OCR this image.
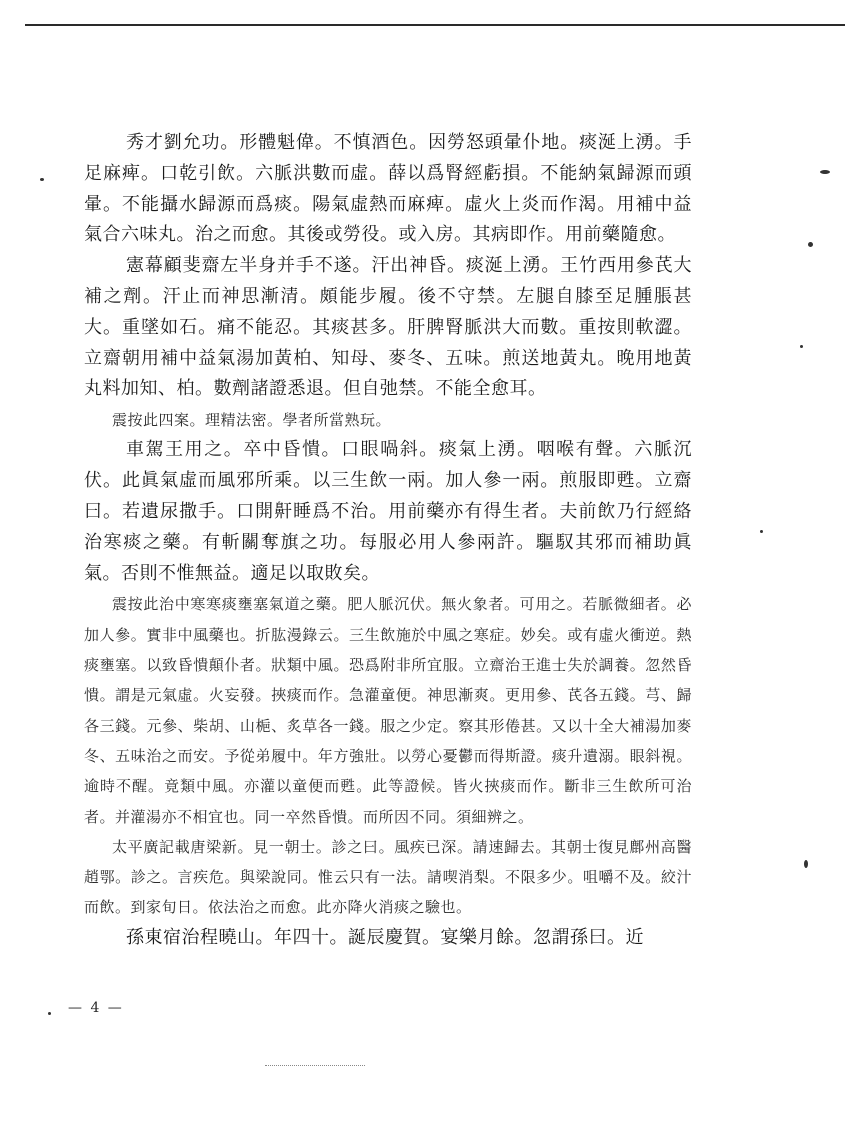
秀才劉允功。形體魁偉。不慎酒色。因勞怒頭暈仆地。痰涎上湧。手足麻痺。口乾引飲。六脈洪數而虛。薛以爲腎經虧損。不能納氣歸源而頭暈。不能攝水歸源而爲痰。陽氣虛熱而麻痺。虛火上炎而作渴。用補中益氣合六味丸。治之而愈。其後或勞役。或入房。其病即作。用前藥隨愈。

憲幕顧斐齋左半身并手不遂。汗出神昏。痰涎上湧。王竹西用參芪大補之劑。汗止而神思漸清。頗能步履。後不守禁。左腿自膝至足腫脹甚大。重墜如石。痛不能忍。其痰甚多。肝脾腎脈洪大而數。重按則軟澀。立齋朝用補中益氣湯加黃柏、知母、麥冬、五味。煎送地黃丸。晚用地黃丸料加知、柏。數劑諸證悉退。但自弛禁。不能全愈耳。

震按此四案。理精法密。學者所當熟玩。

車駕王用之。卒中昏憒。口眼喎斜。痰氣上湧。咽喉有聲。六脈沉伏。此眞氣虛而風邪所乘。以三生飲一兩。加人參一兩。煎服即甦。立齋曰。若遺尿撒手。口開鼾睡爲不治。用前藥亦有得生者。夫前飲乃行經絡治寒痰之藥。有斬關奪旗之功。每服必用人參兩許。驅馭其邪而補助眞氣。否則不惟無益。適足以取敗矣。

震按此治中寒寒痰壅塞氣道之藥。肥人脈沉伏。無火象者。可用之。若脈微細者。必加人參。實非中風藥也。折肱漫錄云。三生飲施於中風之寒症。妙矣。或有虛火衝逆。熱痰壅塞。以致昏憒顛仆者。狀類中風。恐爲附非所宜服。立齋治王進士失於調養。忽然昏憒。謂是元氣虛。火妄發。挾痰而作。急灌童便。神思漸爽。更用參、芪各五錢。芎、歸各三錢。元參、柴胡、山梔、炙草各一錢。服之少定。察其形倦甚。又以十全大補湯加麥冬、五味治之而安。予從弟履中。年方強壯。以勞心憂鬱而得斯證。痰升遺溺。眼斜視。逾時不醒。竟類中風。亦灌以童便而甦。此等證候。皆火挾痰而作。斷非三生飲所可治者。并灌湯亦不相宜也。同一卒然昏憒。而所因不同。須細辨之。

太平廣記載唐梁新。見一朝士。診之曰。風疾已深。請速歸去。其朝士復見鄜州高醫趙鄂。診之。言疾危。與梁說同。惟云只有一法。請喫消梨。不限多少。咀嚼不及。絞汁而飲。到家旬日。依法治之而愈。此亦降火消痰之驗也。

孫東宿治程曉山。年四十。誕辰慶賀。宴樂月餘。忽謂孫曰。近

— 4 —
